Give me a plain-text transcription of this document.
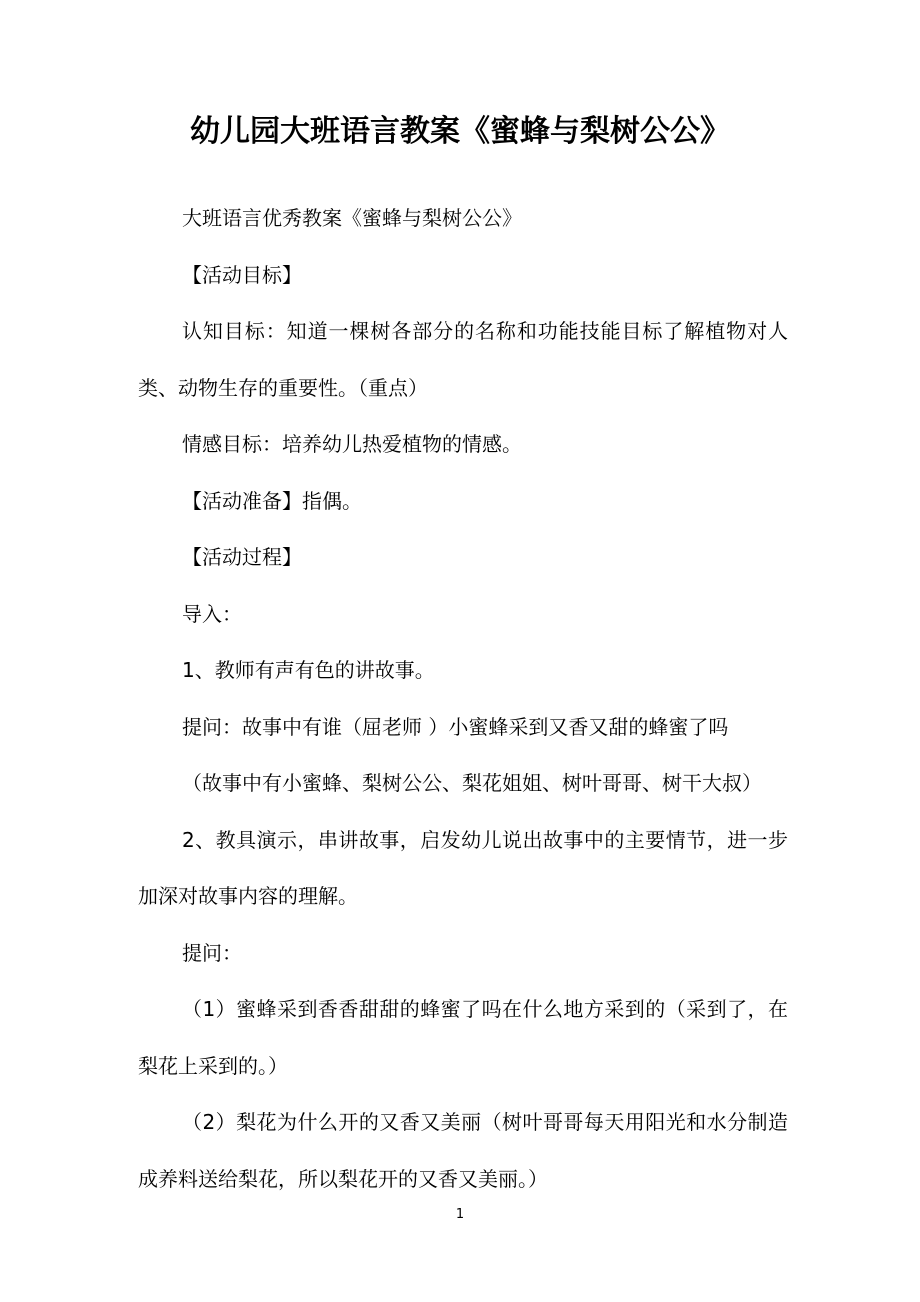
幼儿园大班语言教案《蜜蜂与梨树公公》

大班语言优秀教案《蜜蜂与梨树公公》

【活动目标】

认知目标：知道一棵树各部分的名称和功能技能目标了解植物对人类、动物生存的重要性。（重点）

情感目标：培养幼儿热爱植物的情感。

【活动准备】指偶。

【活动过程】

导入：

1、教师有声有色的讲故事。

提问：故事中有谁（屈老师 ）小蜜蜂采到又香又甜的蜂蜜了吗

（故事中有小蜜蜂、梨树公公、梨花姐姐、树叶哥哥、树干大叔）

2、教具演示，串讲故事，启发幼儿说出故事中的主要情节，进一步加深对故事内容的理解。

提问：

（1）蜜蜂采到香香甜甜的蜂蜜了吗在什么地方采到的（采到了，在梨花上采到的。）

（2）梨花为什么开的又香又美丽（树叶哥哥每天用阳光和水分制造成养料送给梨花，所以梨花开的又香又美丽。）

1
